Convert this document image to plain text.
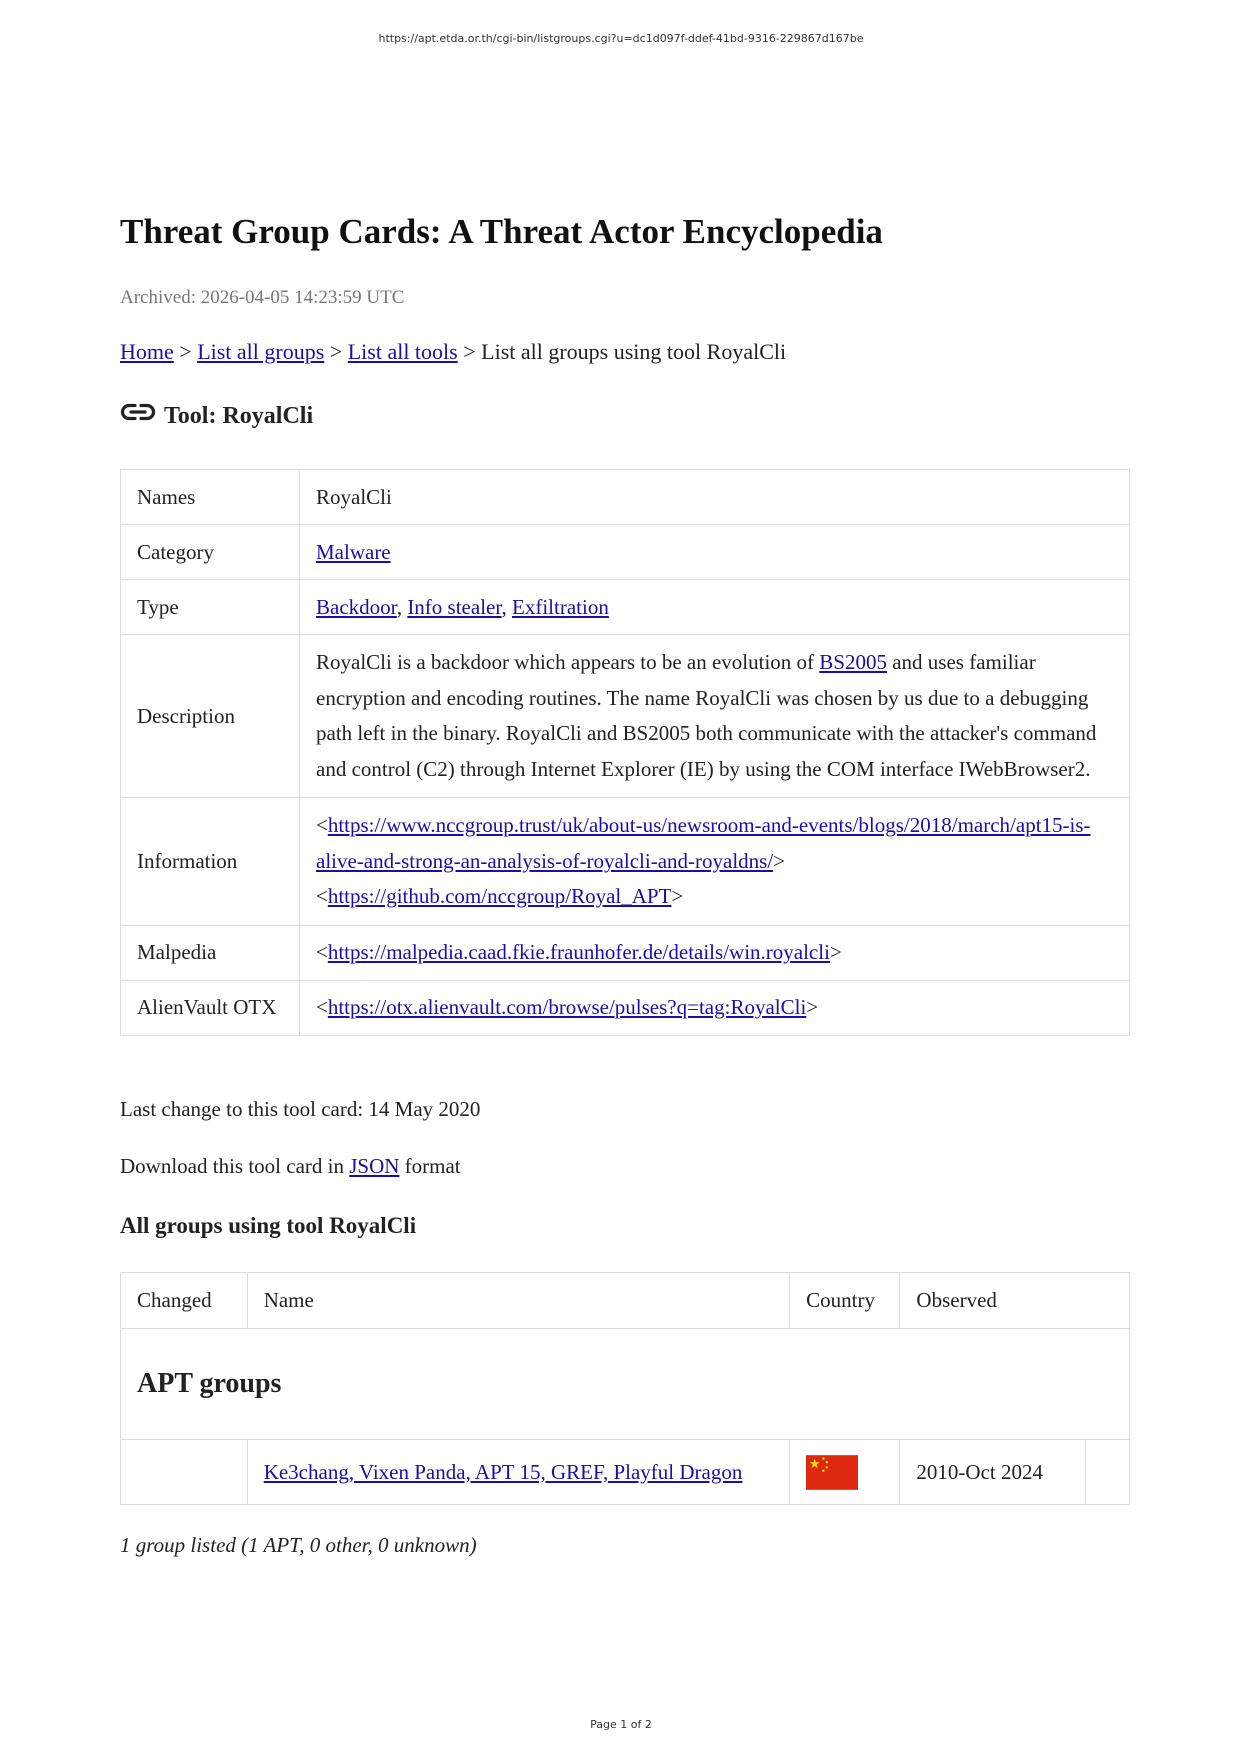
https://apt.etda.or.th/cgi-bin/listgroups.cgi?u=dc1d097f-ddef-41bd-9316-229867d167be
Threat Group Cards: A Threat Actor Encyclopedia
Archived: 2026-04-05 14:23:59 UTC
Home > List all groups > List all tools > List all groups using tool RoyalCli
Tool: RoyalCli
Names	RoyalCli
Category	Malware
Type	Backdoor, Info stealer, Exfiltration
Description	RoyalCli is a backdoor which appears to be an evolution of BS2005 and uses familiar encryption and encoding routines. The name RoyalCli was chosen by us due to a debugging path left in the binary. RoyalCli and BS2005 both communicate with the attacker's command and control (C2) through Internet Explorer (IE) by using the COM interface IWebBrowser2.
Information	<https://www.nccgroup.trust/uk/about-us/newsroom-and-events/blogs/2018/march/apt15-is-alive-and-strong-an-analysis-of-royalcli-and-royaldns/>
<https://github.com/nccgroup/Royal_APT>
Malpedia	<https://malpedia.caad.fkie.fraunhofer.de/details/win.royalcli>
AlienVault OTX	<https://otx.alienvault.com/browse/pulses?q=tag:RoyalCli>
Last change to this tool card: 14 May 2020
Download this tool card in JSON format
All groups using tool RoyalCli
Changed	Name	Country	Observed	
APT groups				
	Ke3chang, Vixen Panda, APT 15, GREF, Playful Dragon		2010-Oct 2024	
1 group listed (1 APT, 0 other, 0 unknown)
Page 1 of 2
